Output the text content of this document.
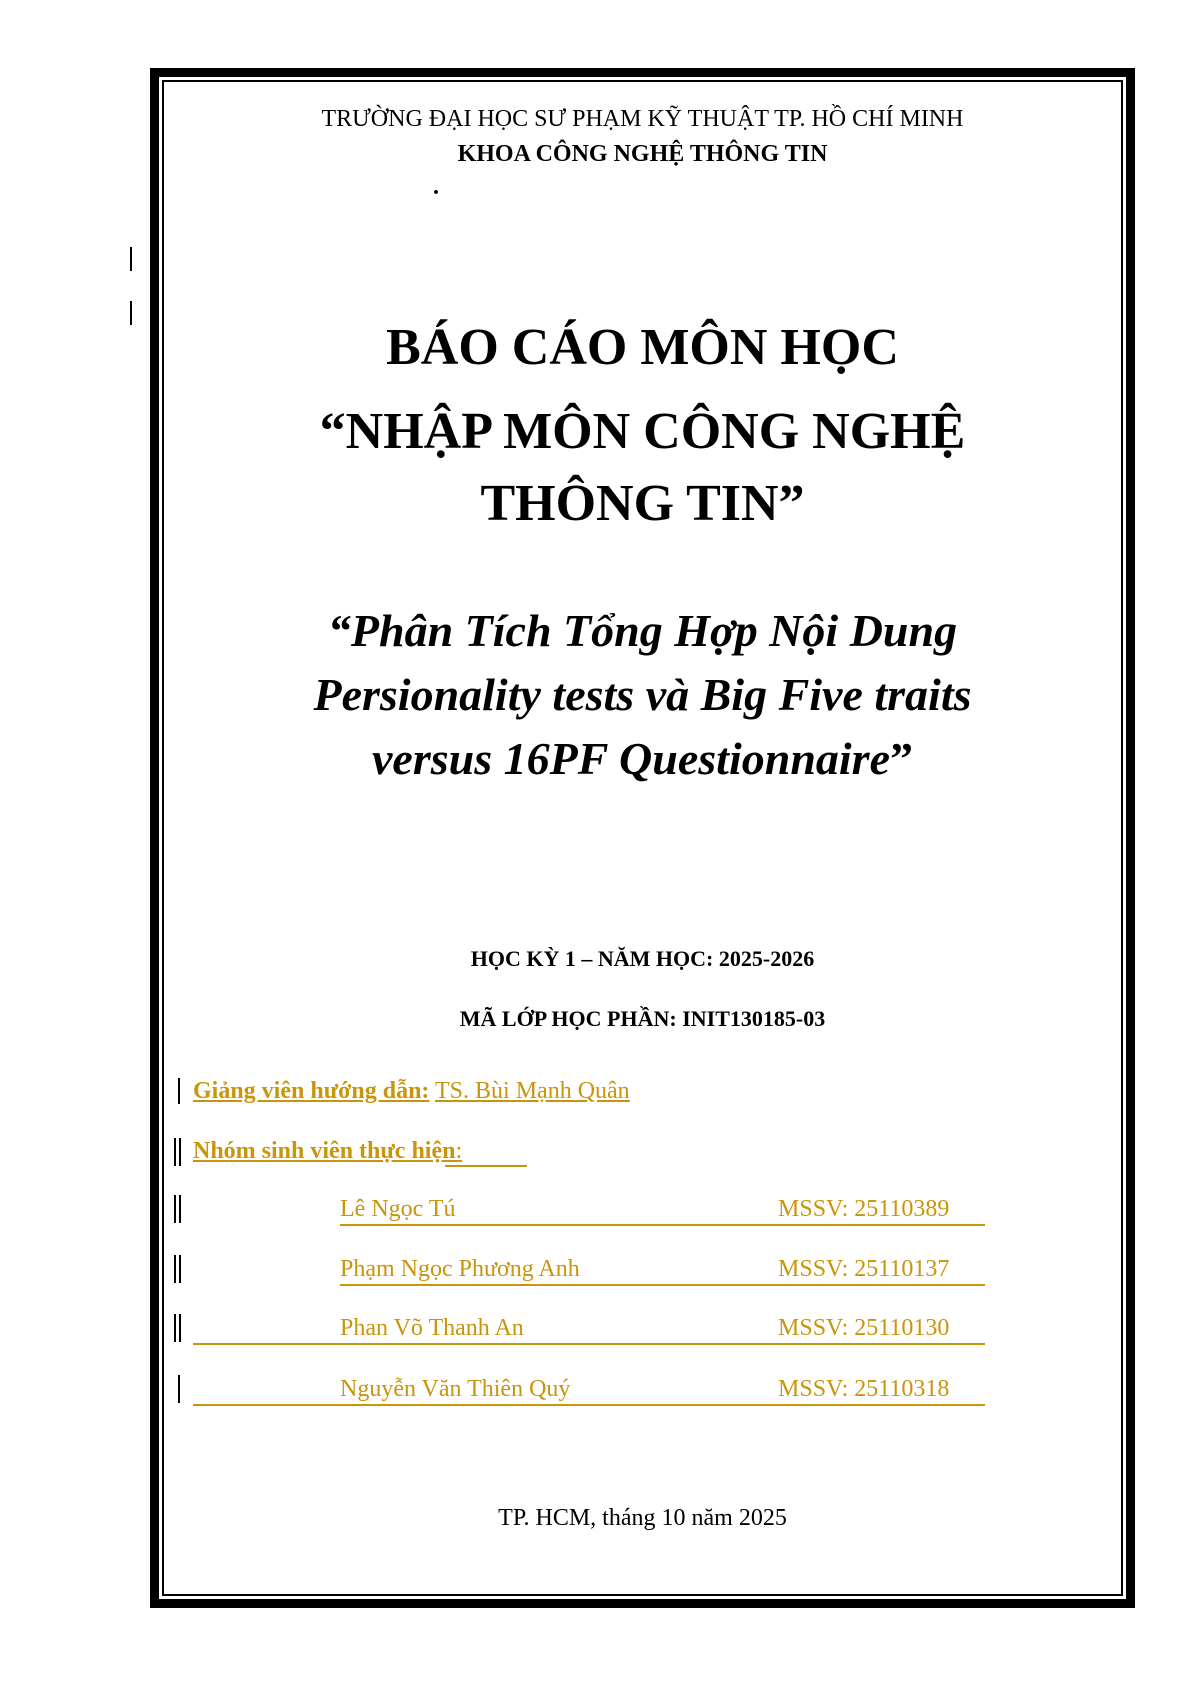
TRƯỜNG ĐẠI HỌC SƯ PHẠM KỸ THUẬT TP. HỒ CHÍ MINH
KHOA CÔNG NGHỆ THÔNG TIN
.
BÁO CÁO MÔN HỌC
“NHẬP MÔN CÔNG NGHỆ
THÔNG TIN”
“Phân Tích Tổng Hợp Nội Dung
Persionality tests và Big Five traits
versus 16PF Questionnaire”
HỌC KỲ 1 – NĂM HỌC: 2025-2026
MÃ LỚP HỌC PHẦN: INIT130185-03
Giảng viên hướng dẫn: TS. Bùi Mạnh Quân
Nhóm sinh viên thực hiện:
Lê Ngọc Tú	MSSV: 25110389
Phạm Ngọc Phương Anh	MSSV: 25110137
Phan Võ Thanh An	MSSV: 25110130
Nguyễn Văn Thiên Quý	MSSV: 25110318
TP. HCM, tháng 10 năm 2025
